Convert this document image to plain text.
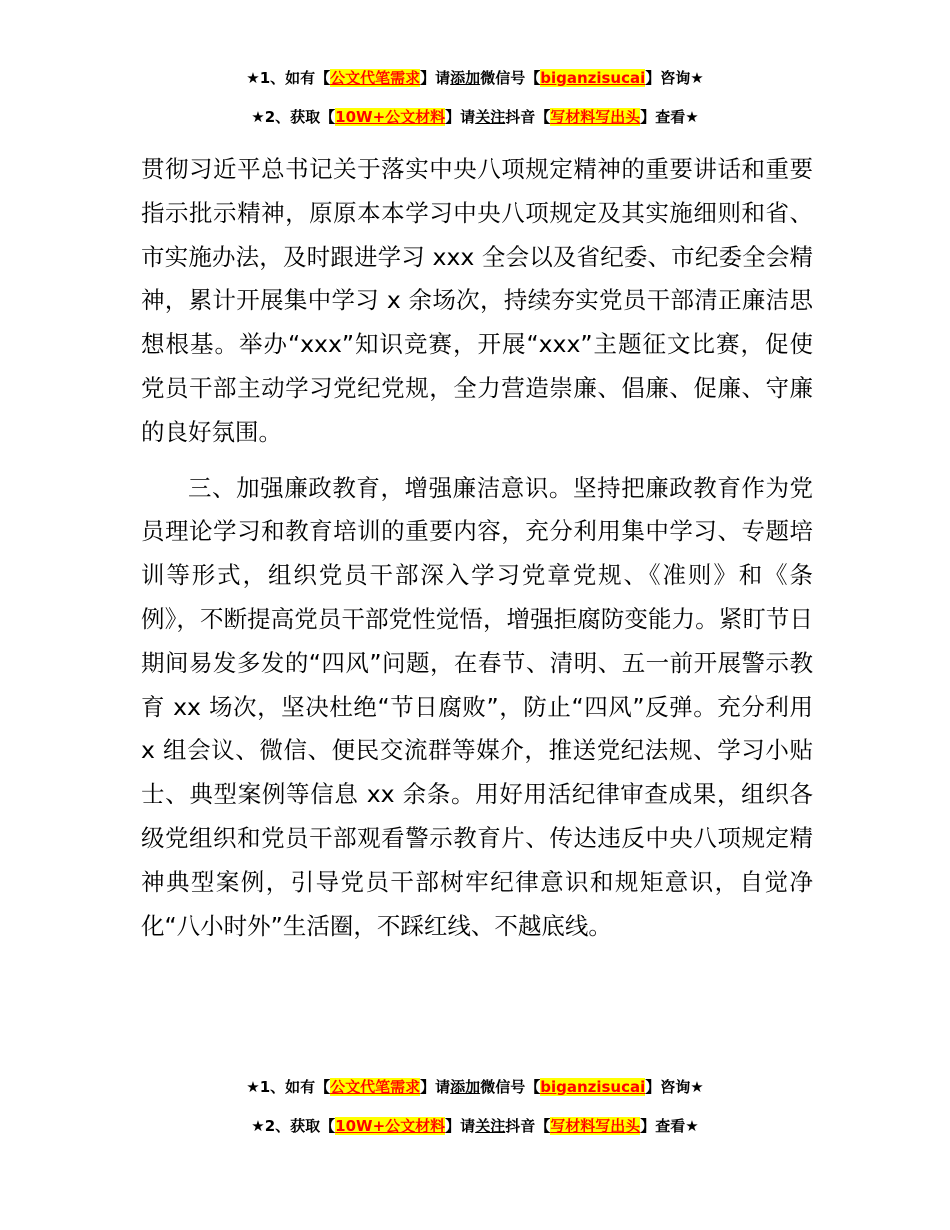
★1、如有【公文代笔需求】请添加微信号【biganzisucai】咨询★
★2、获取【10W+公文材料】请关注抖音【写材料写出头】查看★

贯彻习近平总书记关于落实中央八项规定精神的重要讲话和重要指示批示精神，原原本本学习中央八项规定及其实施细则和省、市实施办法，及时跟进学习 xxx 全会以及省纪委、市纪委全会精神，累计开展集中学习 x 余场次，持续夯实党员干部清正廉洁思想根基。举办“xxx”知识竞赛，开展“xxx”主题征文比赛，促使党员干部主动学习党纪党规，全力营造崇廉、倡廉、促廉、守廉的良好氛围。

三、加强廉政教育，增强廉洁意识。坚持把廉政教育作为党员理论学习和教育培训的重要内容，充分利用集中学习、专题培训等形式，组织党员干部深入学习党章党规、《准则》和《条例》，不断提高党员干部党性觉悟，增强拒腐防变能力。紧盯节日期间易发多发的“四风”问题，在春节、清明、五一前开展警示教育 xx 场次，坚决杜绝“节日腐败”，防止“四风”反弹。充分利用 x 组会议、微信、便民交流群等媒介，推送党纪法规、学习小贴士、典型案例等信息 xx 余条。用好用活纪律审查成果，组织各级党组织和党员干部观看警示教育片、传达违反中央八项规定精神典型案例，引导党员干部树牢纪律意识和规矩意识，自觉净化“八小时外”生活圈，不踩红线、不越底线。

★1、如有【公文代笔需求】请添加微信号【biganzisucai】咨询★
★2、获取【10W+公文材料】请关注抖音【写材料写出头】查看★
